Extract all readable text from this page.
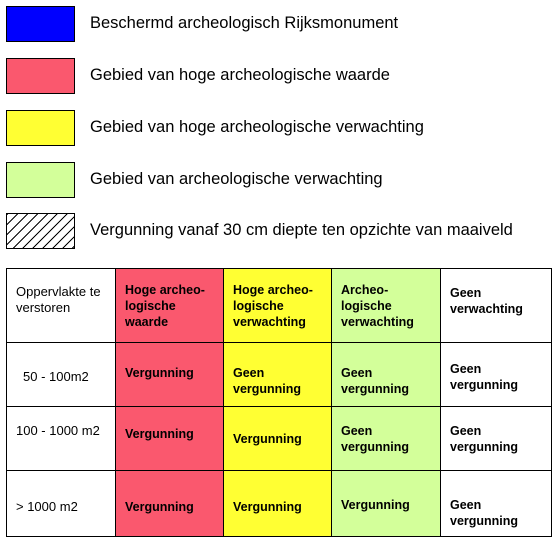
Beschermd archeologisch Rijksmonument
Gebied van hoge archeologische waarde
Gebied van hoge archeologische verwachting
Gebied van archeologische verwachting
Vergunning vanaf 30 cm diepte ten opzichte van maaiveld
Oppervlakte te verstoren	Hoge archeo-logische waarde	Hoge archeo-logische verwachting	Archeo-logische verwachting	Geen verwachting
50 - 100m2	Vergunning	Geen vergunning	Geen vergunning	Geen vergunning
100 - 1000 m2	Vergunning	Vergunning	Geen vergunning	Geen vergunning
> 1000 m2	Vergunning	Vergunning	Vergunning	Geen vergunning
